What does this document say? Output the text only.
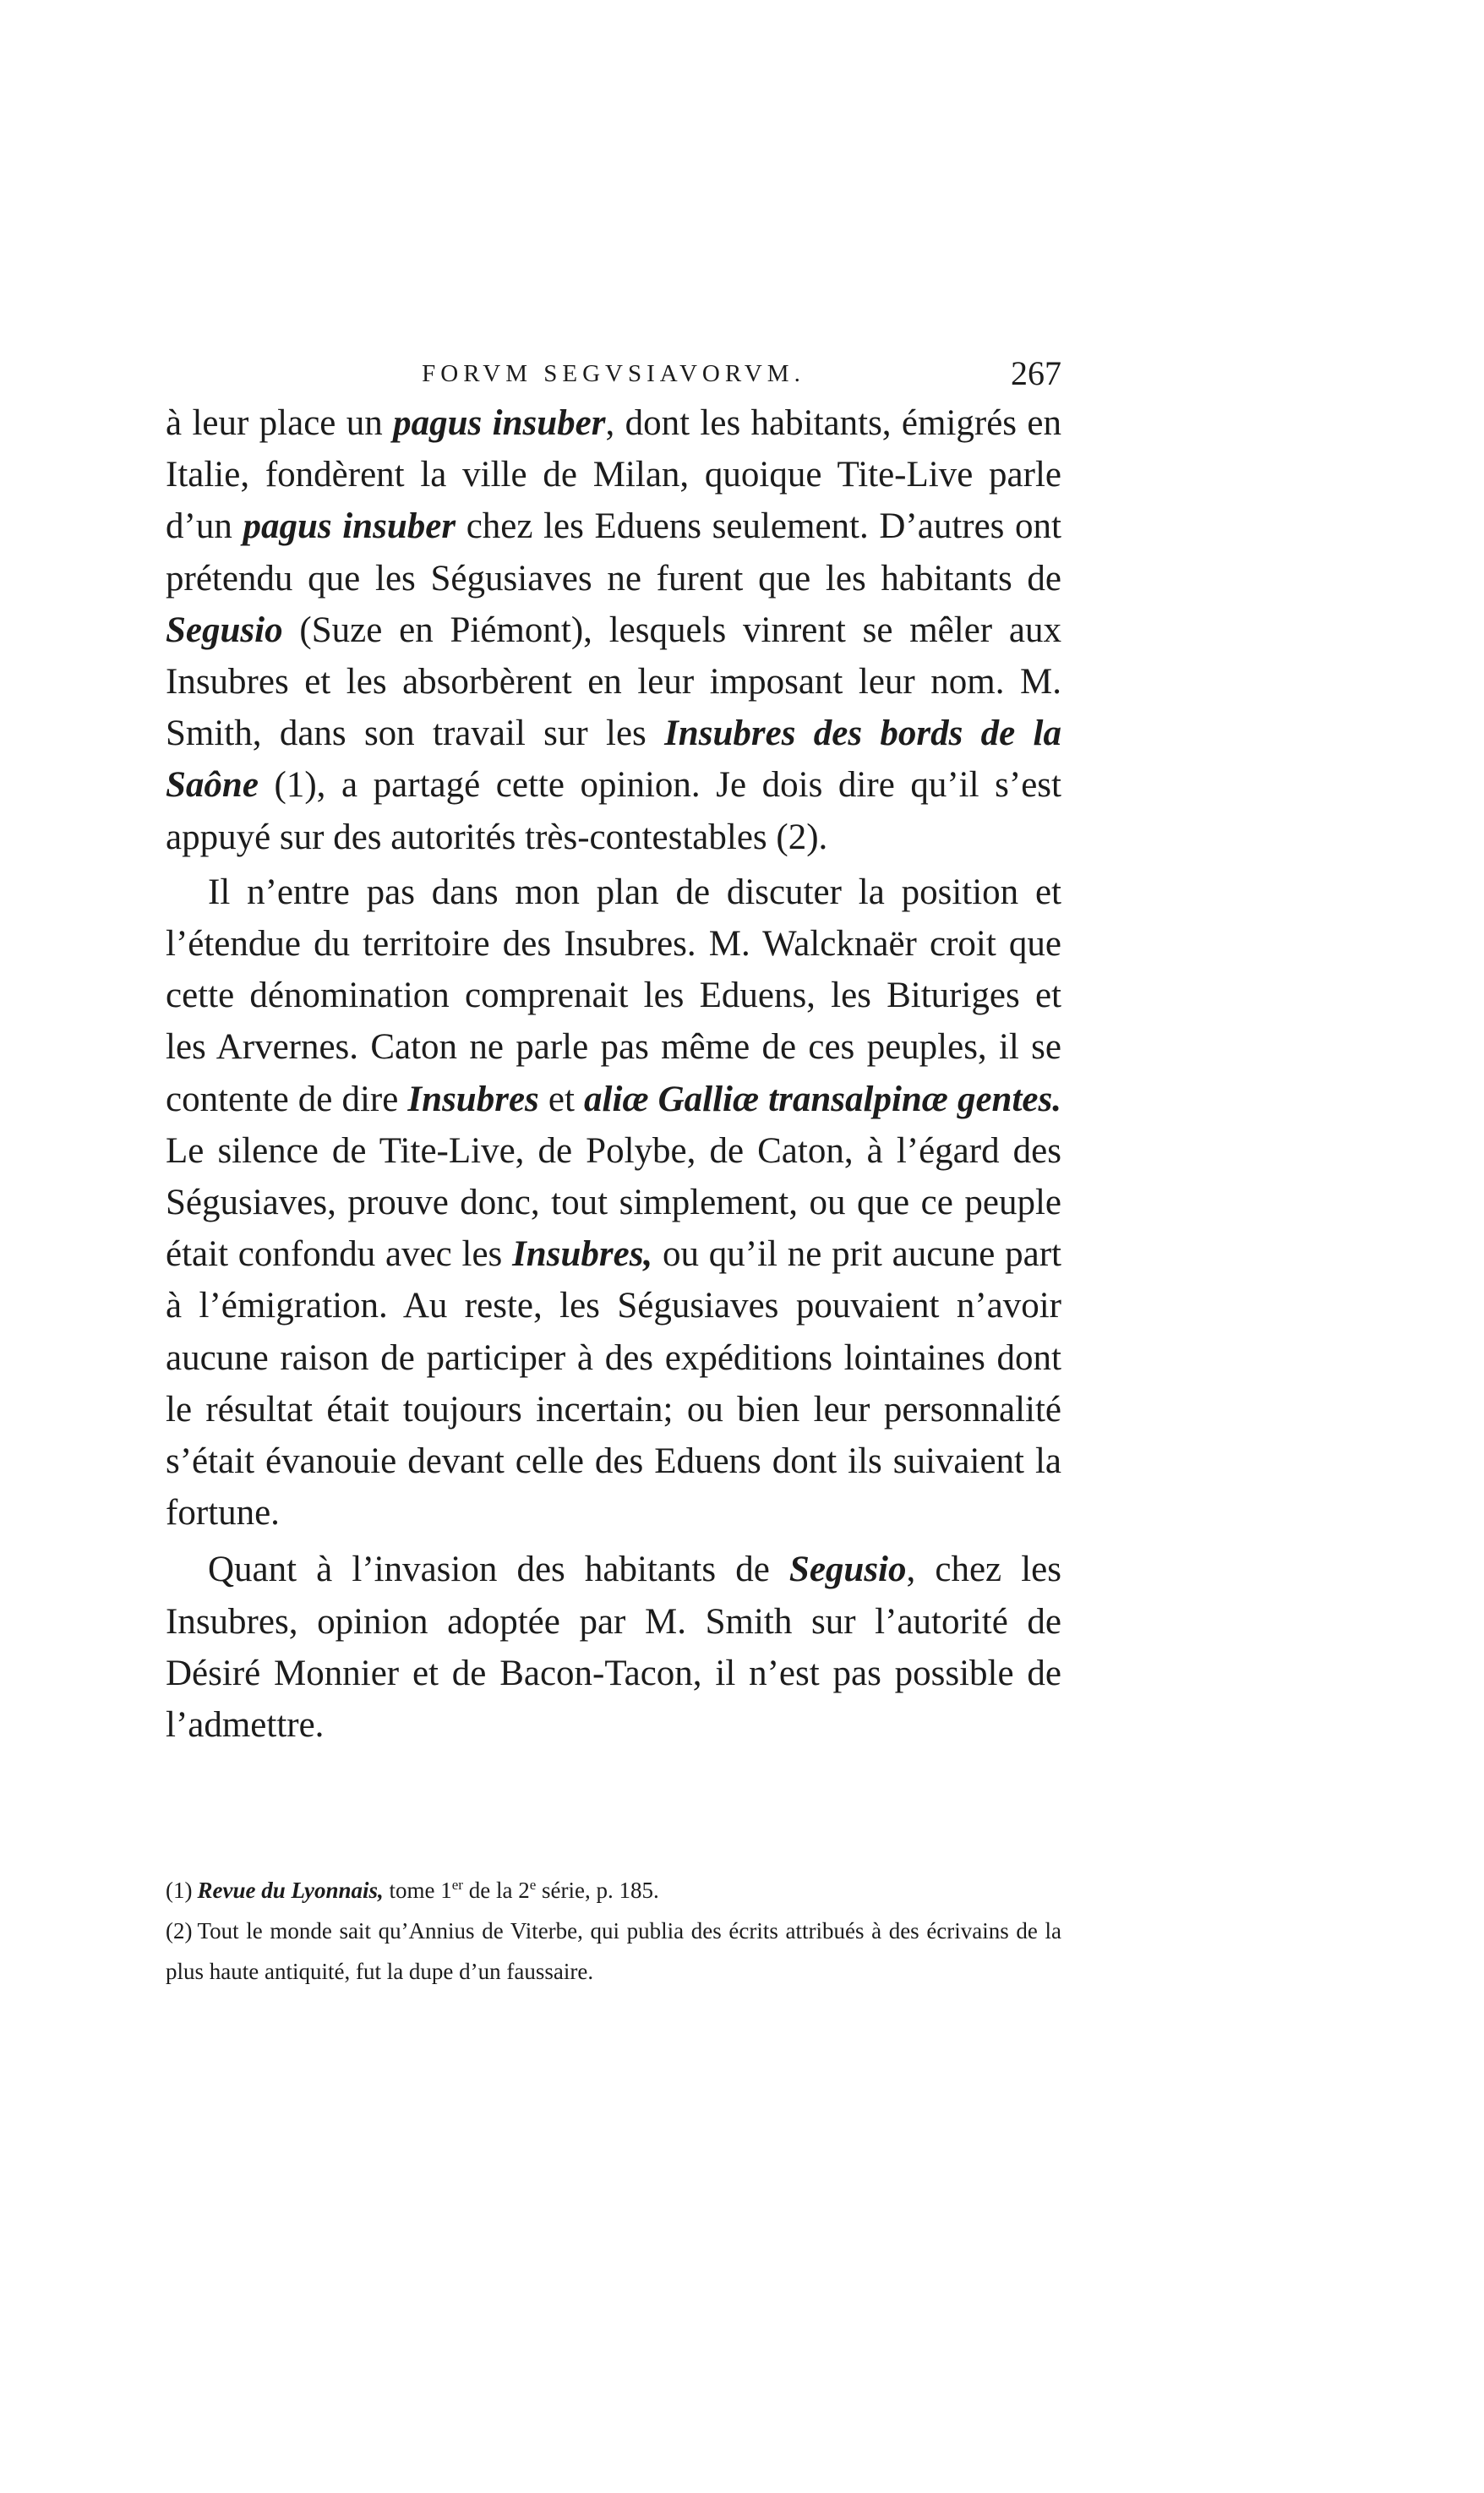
FORVM SEGVSIAVORVM.	267

à leur place un pagus insuber, dont les habitants, émigrés en Italie, fondèrent la ville de Milan, quoique Tite-Live parle d’un pagus insuber chez les Eduens seulement. D’autres ont prétendu que les Ségusiaves ne furent que les habitants de Segusio (Suze en Piémont), lesquels vinrent se mêler aux Insubres et les absorbèrent en leur imposant leur nom. M. Smith, dans son travail sur les Insubres des bords de la Saône (1), a partagé cette opinion. Je dois dire qu’il s’est appuyé sur des autorités très-contestables (2).

Il n’entre pas dans mon plan de discuter la position et l’étendue du territoire des Insubres. M. Walcknaër croit que cette dénomination comprenait les Eduens, les Bituriges et les Arvernes. Caton ne parle pas même de ces peuples, il se contente de dire Insubres et aliæ Galliæ transalpinæ gentes. Le silence de Tite-Live, de Polybe, de Caton, à l’égard des Ségusiaves, prouve donc, tout simplement, ou que ce peuple était confondu avec les Insubres, ou qu’il ne prit aucune part à l’émigration. Au reste, les Ségusiaves pouvaient n’avoir aucune raison de participer à des expéditions lointaines dont le résultat était toujours incertain; ou bien leur personnalité s’était évanouie devant celle des Eduens dont ils suivaient la fortune.

Quant à l’invasion des habitants de Segusio, chez les Insubres, opinion adoptée par M. Smith sur l’autorité de Désiré Monnier et de Bacon-Tacon, il n’est pas possible de l’admettre.

(1) Revue du Lyonnais, tome 1er de la 2e série, p. 185.

(2) Tout le monde sait qu’Annius de Viterbe, qui publia des écrits attribués à des écrivains de la plus haute antiquité, fut la dupe d’un faussaire.
